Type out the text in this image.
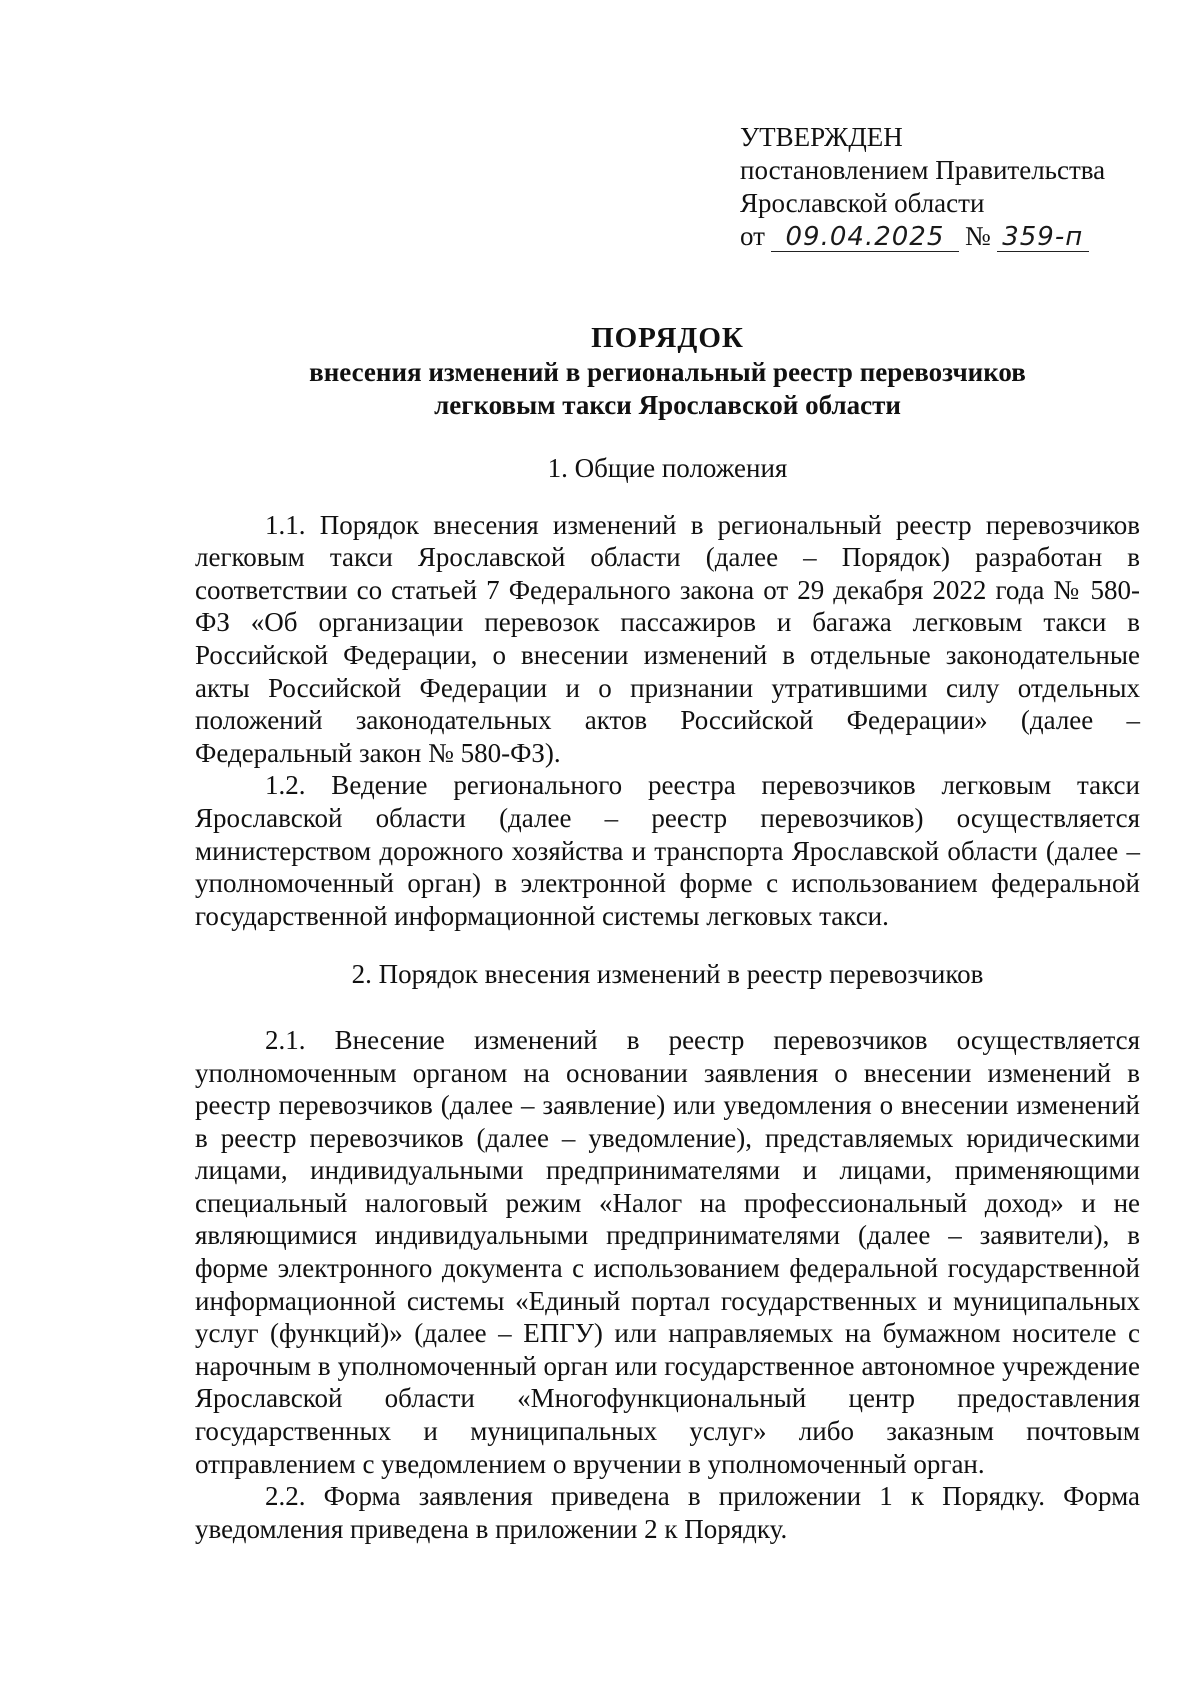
УТВЕРЖДЕН
постановлением Правительства
Ярославской области
от 09.04.2025 № 359-п
ПОРЯДОК
внесения изменений в региональный реестр перевозчиков
легковым такси Ярославской области
1. Общие положения

1.1. Порядок внесения изменений в региональный реестр перевозчиков легковым такси Ярославской области (далее – Порядок) разработан в соответствии со статьей 7 Федерального закона от 29 декабря 2022 года № 580-ФЗ «Об организации перевозок пассажиров и багажа легковым такси в Российской Федерации, о внесении изменений в отдельные законодательные акты Российской Федерации и о признании утратившими силу отдельных положений законодательных актов Российской Федерации» (далее – Федеральный закон № 580-ФЗ).

1.2. Ведение регионального реестра перевозчиков легковым такси Ярославской области (далее – реестр перевозчиков) осуществляется министерством дорожного хозяйства и транспорта Ярославской области (далее – уполномоченный орган) в электронной форме с использованием федеральной государственной информационной системы легковых такси.

2. Порядок внесения изменений в реестр перевозчиков

2.1. Внесение изменений в реестр перевозчиков осуществляется уполномоченным органом на основании заявления о внесении изменений в реестр перевозчиков (далее – заявление) или уведомления о внесении изменений в реестр перевозчиков (далее – уведомление), представляемых юридическими лицами, индивидуальными предпринимателями и лицами, применяющими специальный налоговый режим «Налог на профессиональный доход» и не являющимися индивидуальными предпринимателями (далее – заявители), в форме электронного документа с использованием федеральной государственной информационной системы «Единый портал государственных и муниципальных услуг (функций)» (далее – ЕПГУ) или направляемых на бумажном носителе с нарочным в уполномоченный орган или государственное автономное учреждение Ярославской области «Многофункциональный центр предоставления государственных и муниципальных услуг» либо заказным почтовым отправлением с уведомлением о вручении в уполномоченный орган.

2.2. Форма заявления приведена в приложении 1 к Порядку. Форма уведомления приведена в приложении 2 к Порядку.
